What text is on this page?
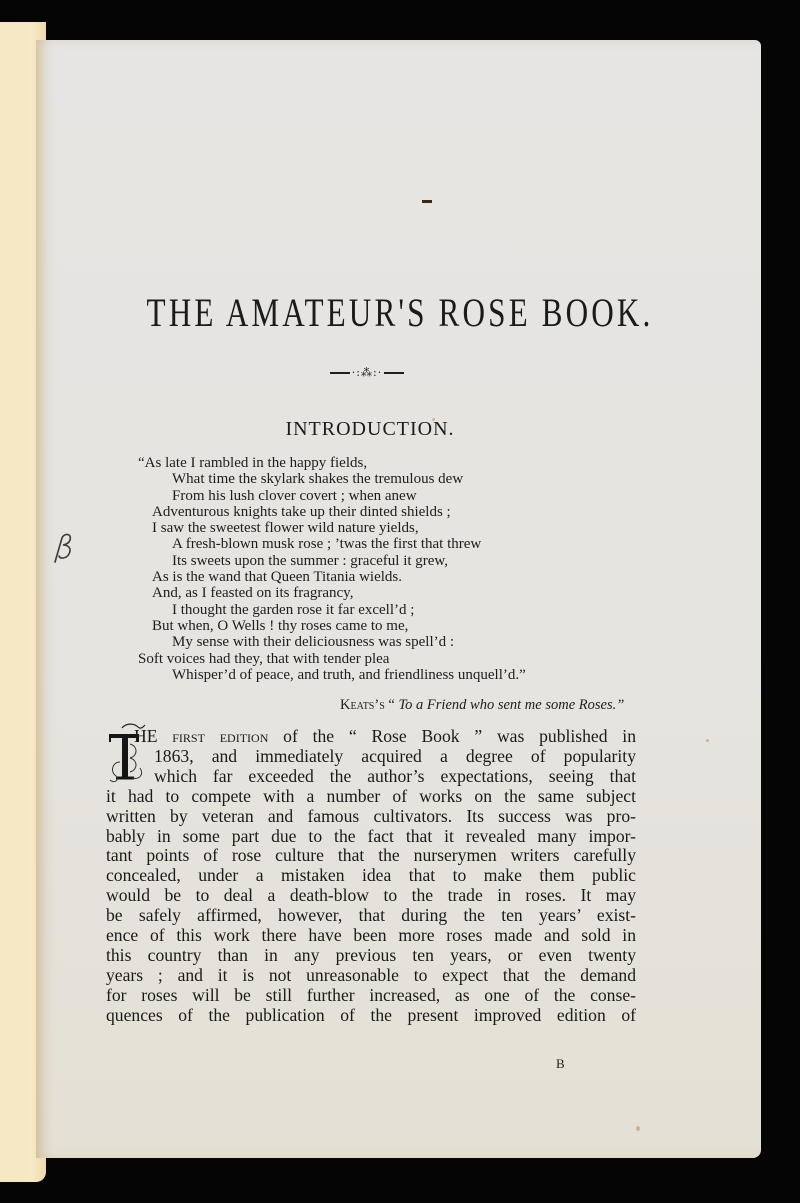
THE AMATEUR'S ROSE BOOK.
·:⁂:·
INTRODUCTION.
“As late I rambled in the happy fields,
What time the skylark shakes the tremulous dew
From his lush clover covert ; when anew
Adventurous knights take up their dinted shields ;
I saw the sweetest flower wild nature yields,
A fresh-blown musk rose ; ’twas the first that threw
Its sweets upon the summer : graceful it grew,
As is the wand that Queen Titania wields.
And, as I feasted on its fragrancy,
I thought the garden rose it far excell’d ;
But when, O Wells ! thy roses came to me,
My sense with their deliciousness was spell’d :
Soft voices had they, that with tender plea
Whisper’d of peace, and truth, and friendliness unquell’d.”
Keats’s “ To a Friend who sent me some Roses.”
HE first edition of the “ Rose Book ” was published in
1863, and immediately acquired a degree of popularity
which far exceeded the author’s expectations, seeing that
it had to compete with a number of works on the same subject
written by veteran and famous cultivators. Its success was pro-
bably in some part due to the fact that it revealed many impor-
tant points of rose culture that the nurserymen writers carefully
concealed, under a mistaken idea that to make them public
would be to deal a death-blow to the trade in roses. It may
be safely affirmed, however, that during the ten years’ exist-
ence of this work there have been more roses made and sold in
this country than in any previous ten years, or even twenty
years ; and it is not unreasonable to expect that the demand
for roses will be still further increased, as one of the conse-
quences of the publication of the present improved edition of
B
